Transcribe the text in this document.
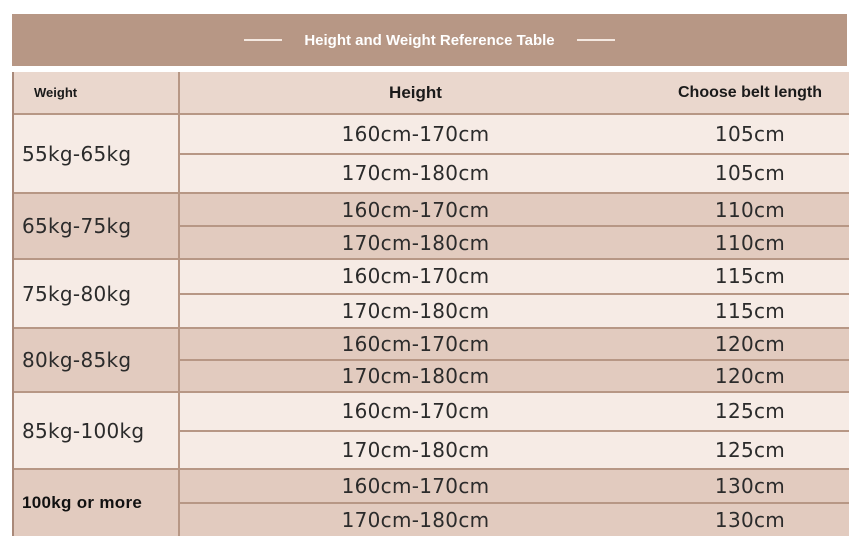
Height and Weight Reference Table
Weight	Height	Choose belt length
55kg-65kg
160cm-170cm	105cm
170cm-180cm	105cm
65kg-75kg
160cm-170cm	110cm
170cm-180cm	110cm
75kg-80kg
160cm-170cm	115cm
170cm-180cm	115cm
80kg-85kg
160cm-170cm	120cm
170cm-180cm	120cm
85kg-100kg
160cm-170cm	125cm
170cm-180cm	125cm
100kg or more
160cm-170cm	130cm
170cm-180cm	130cm
